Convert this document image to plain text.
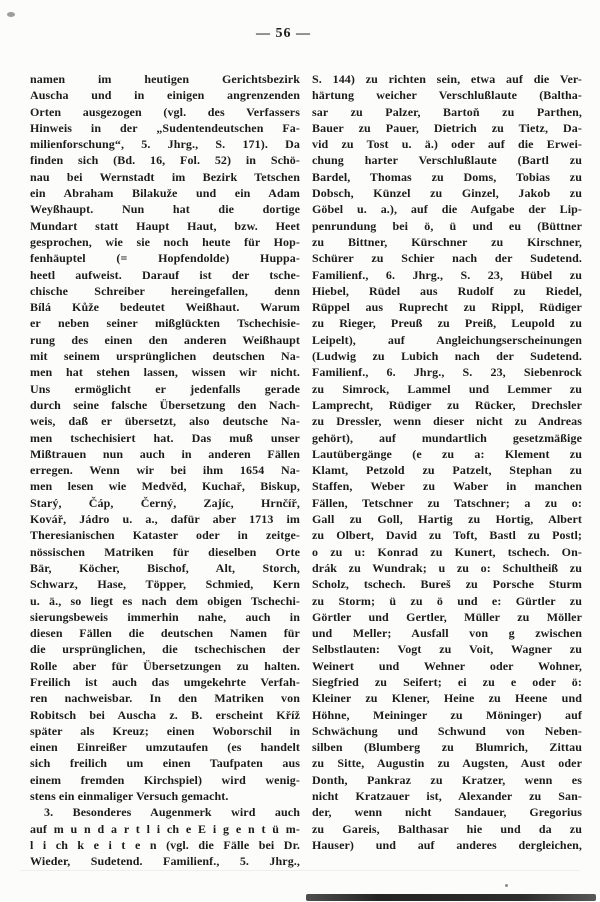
— 56 —
namen im heutigen Gerichtsbezirk
Auscha und in einigen angrenzenden
Orten ausgezogen (vgl. des Verfassers
Hinweis in der „Sudentendeutschen Fa-
milienforschung“, 5. Jhrg., S. 171). Da
finden sich (Bd. 16, Fol. 52) in Schö-
nau bei Wernstadt im Bezirk Tetschen
ein Abraham Bilakuže und ein Adam
Weyßhaupt. Nun hat die dortige
Mundart statt Haupt Haut, bzw. Heet
gesprochen, wie sie noch heute für Hop-
fenhäuptel (= Hopfendolde) Huppa-
heetl aufweist. Darauf ist der tsche-
chische Schreiber hereingefallen, denn
Bílá Kůže bedeutet Weißhaut. Warum
er neben seiner mißglückten Tschechisie-
rung des einen den anderen Weißhaupt
mit seinem ursprünglichen deutschen Na-
men hat stehen lassen, wissen wir nicht.
Uns ermöglicht er jedenfalls gerade
durch seine falsche Übersetzung den Nach-
weis, daß er übersetzt, also deutsche Na-
men tschechisiert hat. Das muß unser
Mißtrauen nun auch in anderen Fällen
erregen. Wenn wir bei ihm 1654 Na-
men lesen wie Medvěd, Kuchař, Biskup,
Starý, Čáp, Černý, Zajíc, Hrnčíř,
Kovář, Jádro u. a., dafür aber 1713 im
Theresianischen Kataster oder in zeitge-
nössischen Matriken für dieselben Orte
Bär, Köcher, Bischof, Alt, Storch,
Schwarz, Hase, Töpper, Schmied, Kern
u. ä., so liegt es nach dem obigen Tschechi-
sierungsbeweis immerhin nahe, auch in
diesen Fällen die deutschen Namen für
die ursprünglichen, die tschechischen der
Rolle aber für Übersetzungen zu halten.
Freilich ist auch das umgekehrte Verfah-
ren nachweisbar. In den Matriken von
Robitsch bei Auscha z. B. erscheint Kříž
später als Kreuz; einen Woborschil in
einen Einreißer umzutaufen (es handelt
sich freilich um einen Taufpaten aus
einem fremden Kirchspiel) wird wenig-
stens ein einmaliger Versuch gemacht.
3. Besonderes Augenmerk wird auch
auf m u n d a r t l i ch e E i g e n t ü m-
l i ch k e i t e n (vgl. die Fälle bei Dr.
Wieder, Sudetend. Familienf., 5. Jhrg.,
S. 144) zu richten sein, etwa auf die Ver-
härtung weicher Verschlußlaute (Baltha-
sar zu Palzer, Bartoň zu Parthen,
Bauer zu Pauer, Dietrich zu Tietz, Da-
vid zu Tost u. ä.) oder auf die Erwei-
chung harter Verschlußlaute (Bartl zu
Bardel, Thomas zu Doms, Tobias zu
Dobsch, Künzel zu Ginzel, Jakob zu
Göbel u. a.), auf die Aufgabe der Lip-
penrundung bei ö, ü und eu (Büttner
zu Bittner, Kürschner zu Kirschner,
Schürer zu Schier nach der Sudetend.
Familienf., 6. Jhrg., S. 23, Hübel zu
Hiebel, Rüdel aus Rudolf zu Riedel,
Rüppel aus Ruprecht zu Rippl, Rüdiger
zu Rieger, Preuß zu Preiß, Leupold zu
Leipelt), auf Angleichungserscheinungen
(Ludwig zu Lubich nach der Sudetend.
Familienf., 6. Jhrg., S. 23, Siebenrock
zu Simrock, Lammel und Lemmer zu
Lamprecht, Rüdiger zu Rücker, Drechsler
zu Dressler, wenn dieser nicht zu Andreas
gehört), auf mundartlich gesetzmäßige
Lautübergänge (e zu a: Klement zu
Klamt, Petzold zu Patzelt, Stephan zu
Staffen, Weber zu Waber in manchen
Fällen, Tetschner zu Tatschner; a zu o:
Gall zu Goll, Hartig zu Hortig, Albert
zu Olbert, David zu Toft, Bastl zu Postl;
o zu u: Konrad zu Kunert, tschech. On-
drák zu Wundrak; u zu o: Schultheiß zu
Scholz, tschech. Bureš zu Porsche Sturm
zu Storm; ü zu ö und e: Gürtler zu
Görtler und Gertler, Müller zu Möller
und Meller; Ausfall von g zwischen
Selbstlauten: Vogt zu Voit, Wagner zu
Weinert und Wehner oder Wohner,
Siegfried zu Seifert; ei zu e oder ö:
Kleiner zu Klener, Heine zu Heene und
Höhne, Meininger zu Möninger) auf
Schwächung und Schwund von Neben-
silben (Blumberg zu Blumrich, Zittau
zu Sitte, Augustin zu Augsten, Aust oder
Donth, Pankraz zu Kratzer, wenn es
nicht Kratzauer ist, Alexander zu San-
der, wenn nicht Sandauer, Gregorius
zu Gareis, Balthasar hie und da zu
Hauser) und auf anderes dergleichen,
